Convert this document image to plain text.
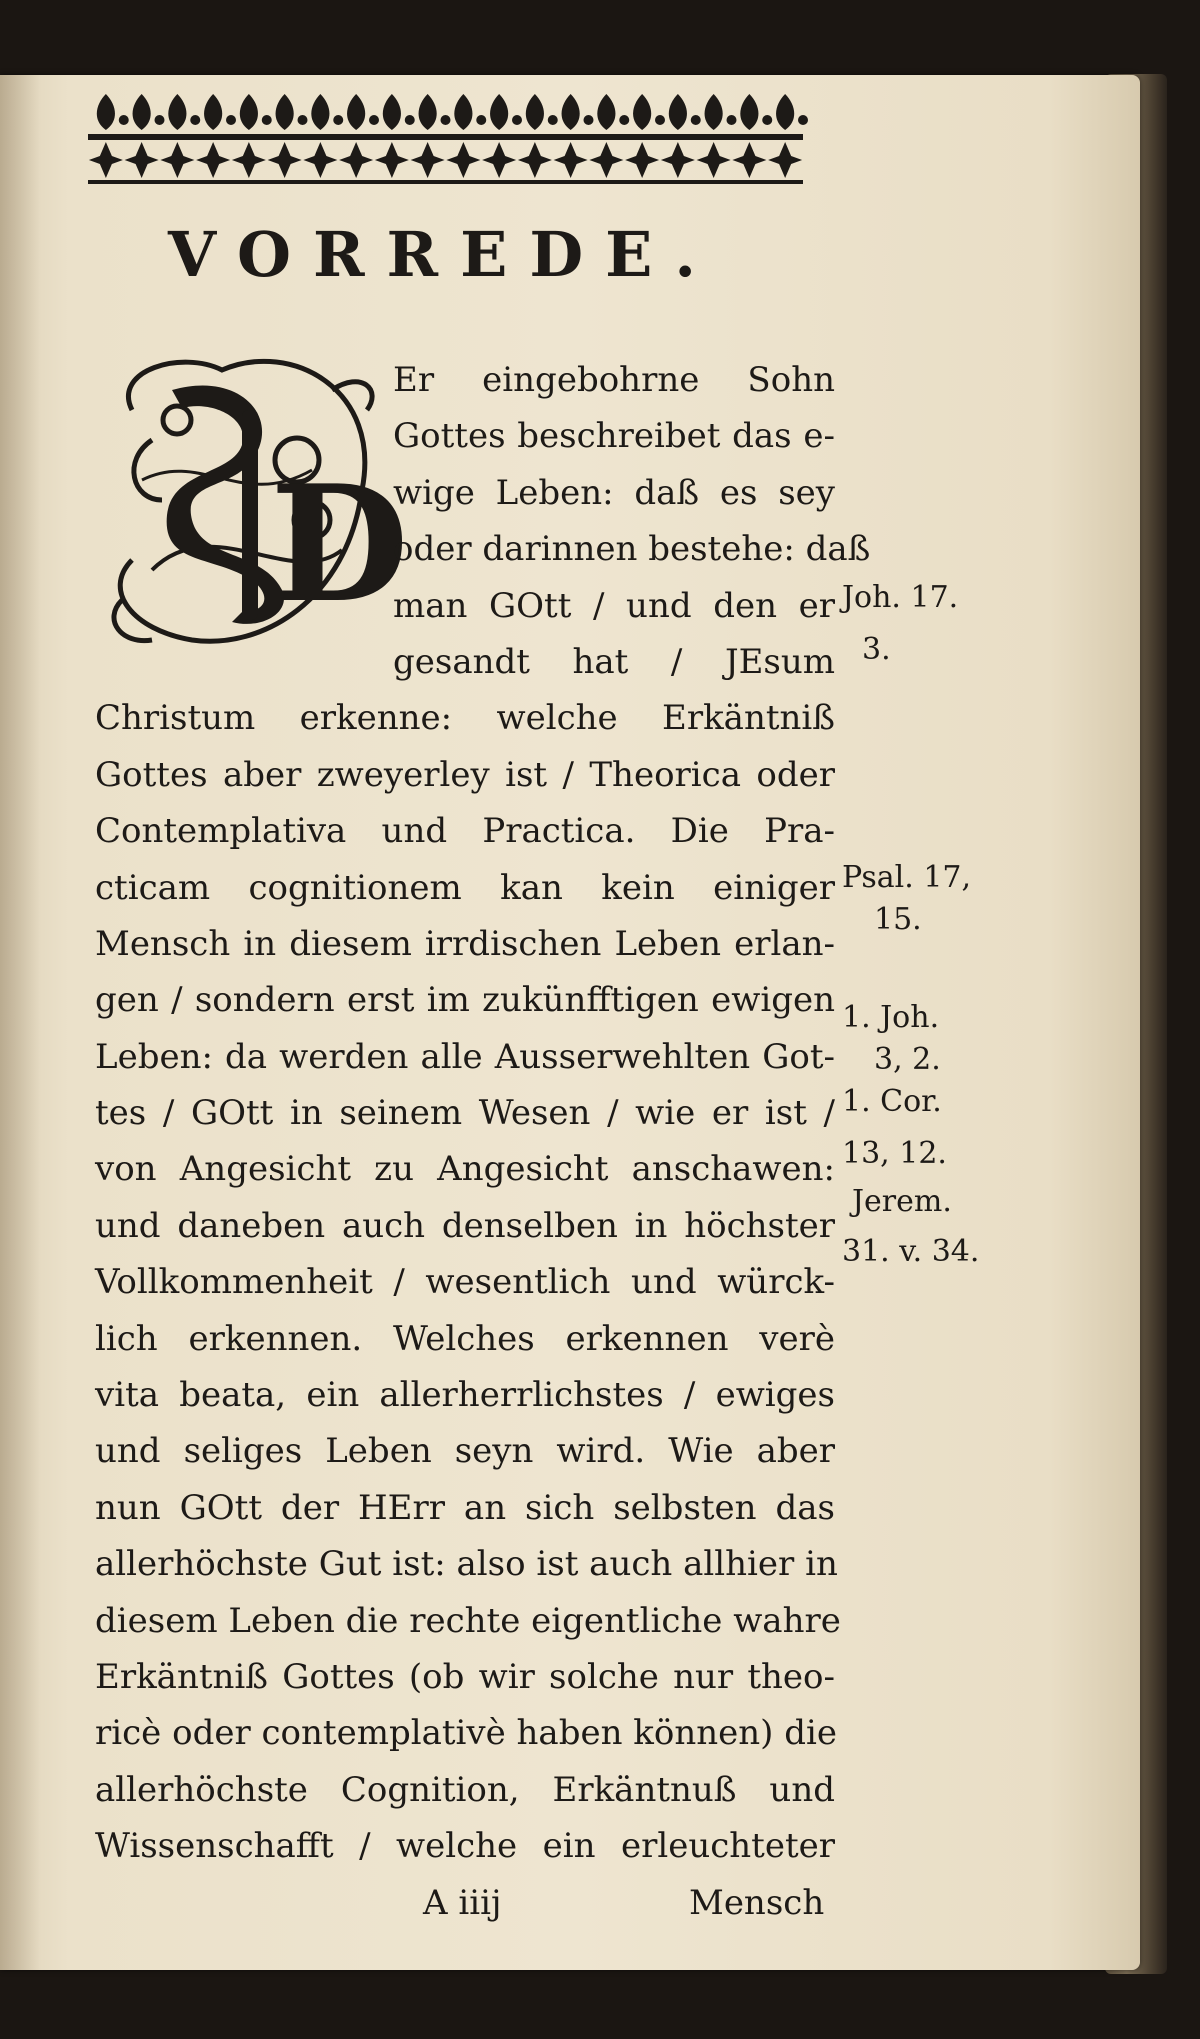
VORREDE.
D
Er eingebohrne Sohn
Gottes beschreibet das e-
wige Leben: daß es sey
oder darinnen bestehe: daß
man GOtt / und den er
gesandt hat / JEsum
Christum erkenne: welche Erkäntniß
Gottes aber zweyerley ist / Theorica oder
Contemplativa und Practica. Die Pra-
cticam cognitionem kan kein einiger
Mensch in diesem irrdischen Leben erlan-
gen / sondern erst im zukünfftigen ewigen
Leben: da werden alle Ausserwehlten Got-
tes / GOtt in seinem Wesen / wie er ist /
von Angesicht zu Angesicht anschawen:
und daneben auch denselben in höchster
Vollkommenheit / wesentlich und würck-
lich erkennen. Welches erkennen verè
vita beata, ein allerherrlichstes / ewiges
und seliges Leben seyn wird. Wie aber
nun GOtt der HErr an sich selbsten das
allerhöchste Gut ist: also ist auch allhier in
diesem Leben die rechte eigentliche wahre
Erkäntniß Gottes (ob wir solche nur theo-
ricè oder contemplativè haben können) die
allerhöchste Cognition, Erkäntnuß und
Wissenschafft / welche ein erleuchteter
A iiij	Mensch
Joh. 17.
3.
Psal. 17,
15.
1. Joh.
3, 2.
1. Cor.
13, 12.
Jerem.
31. v. 34.
